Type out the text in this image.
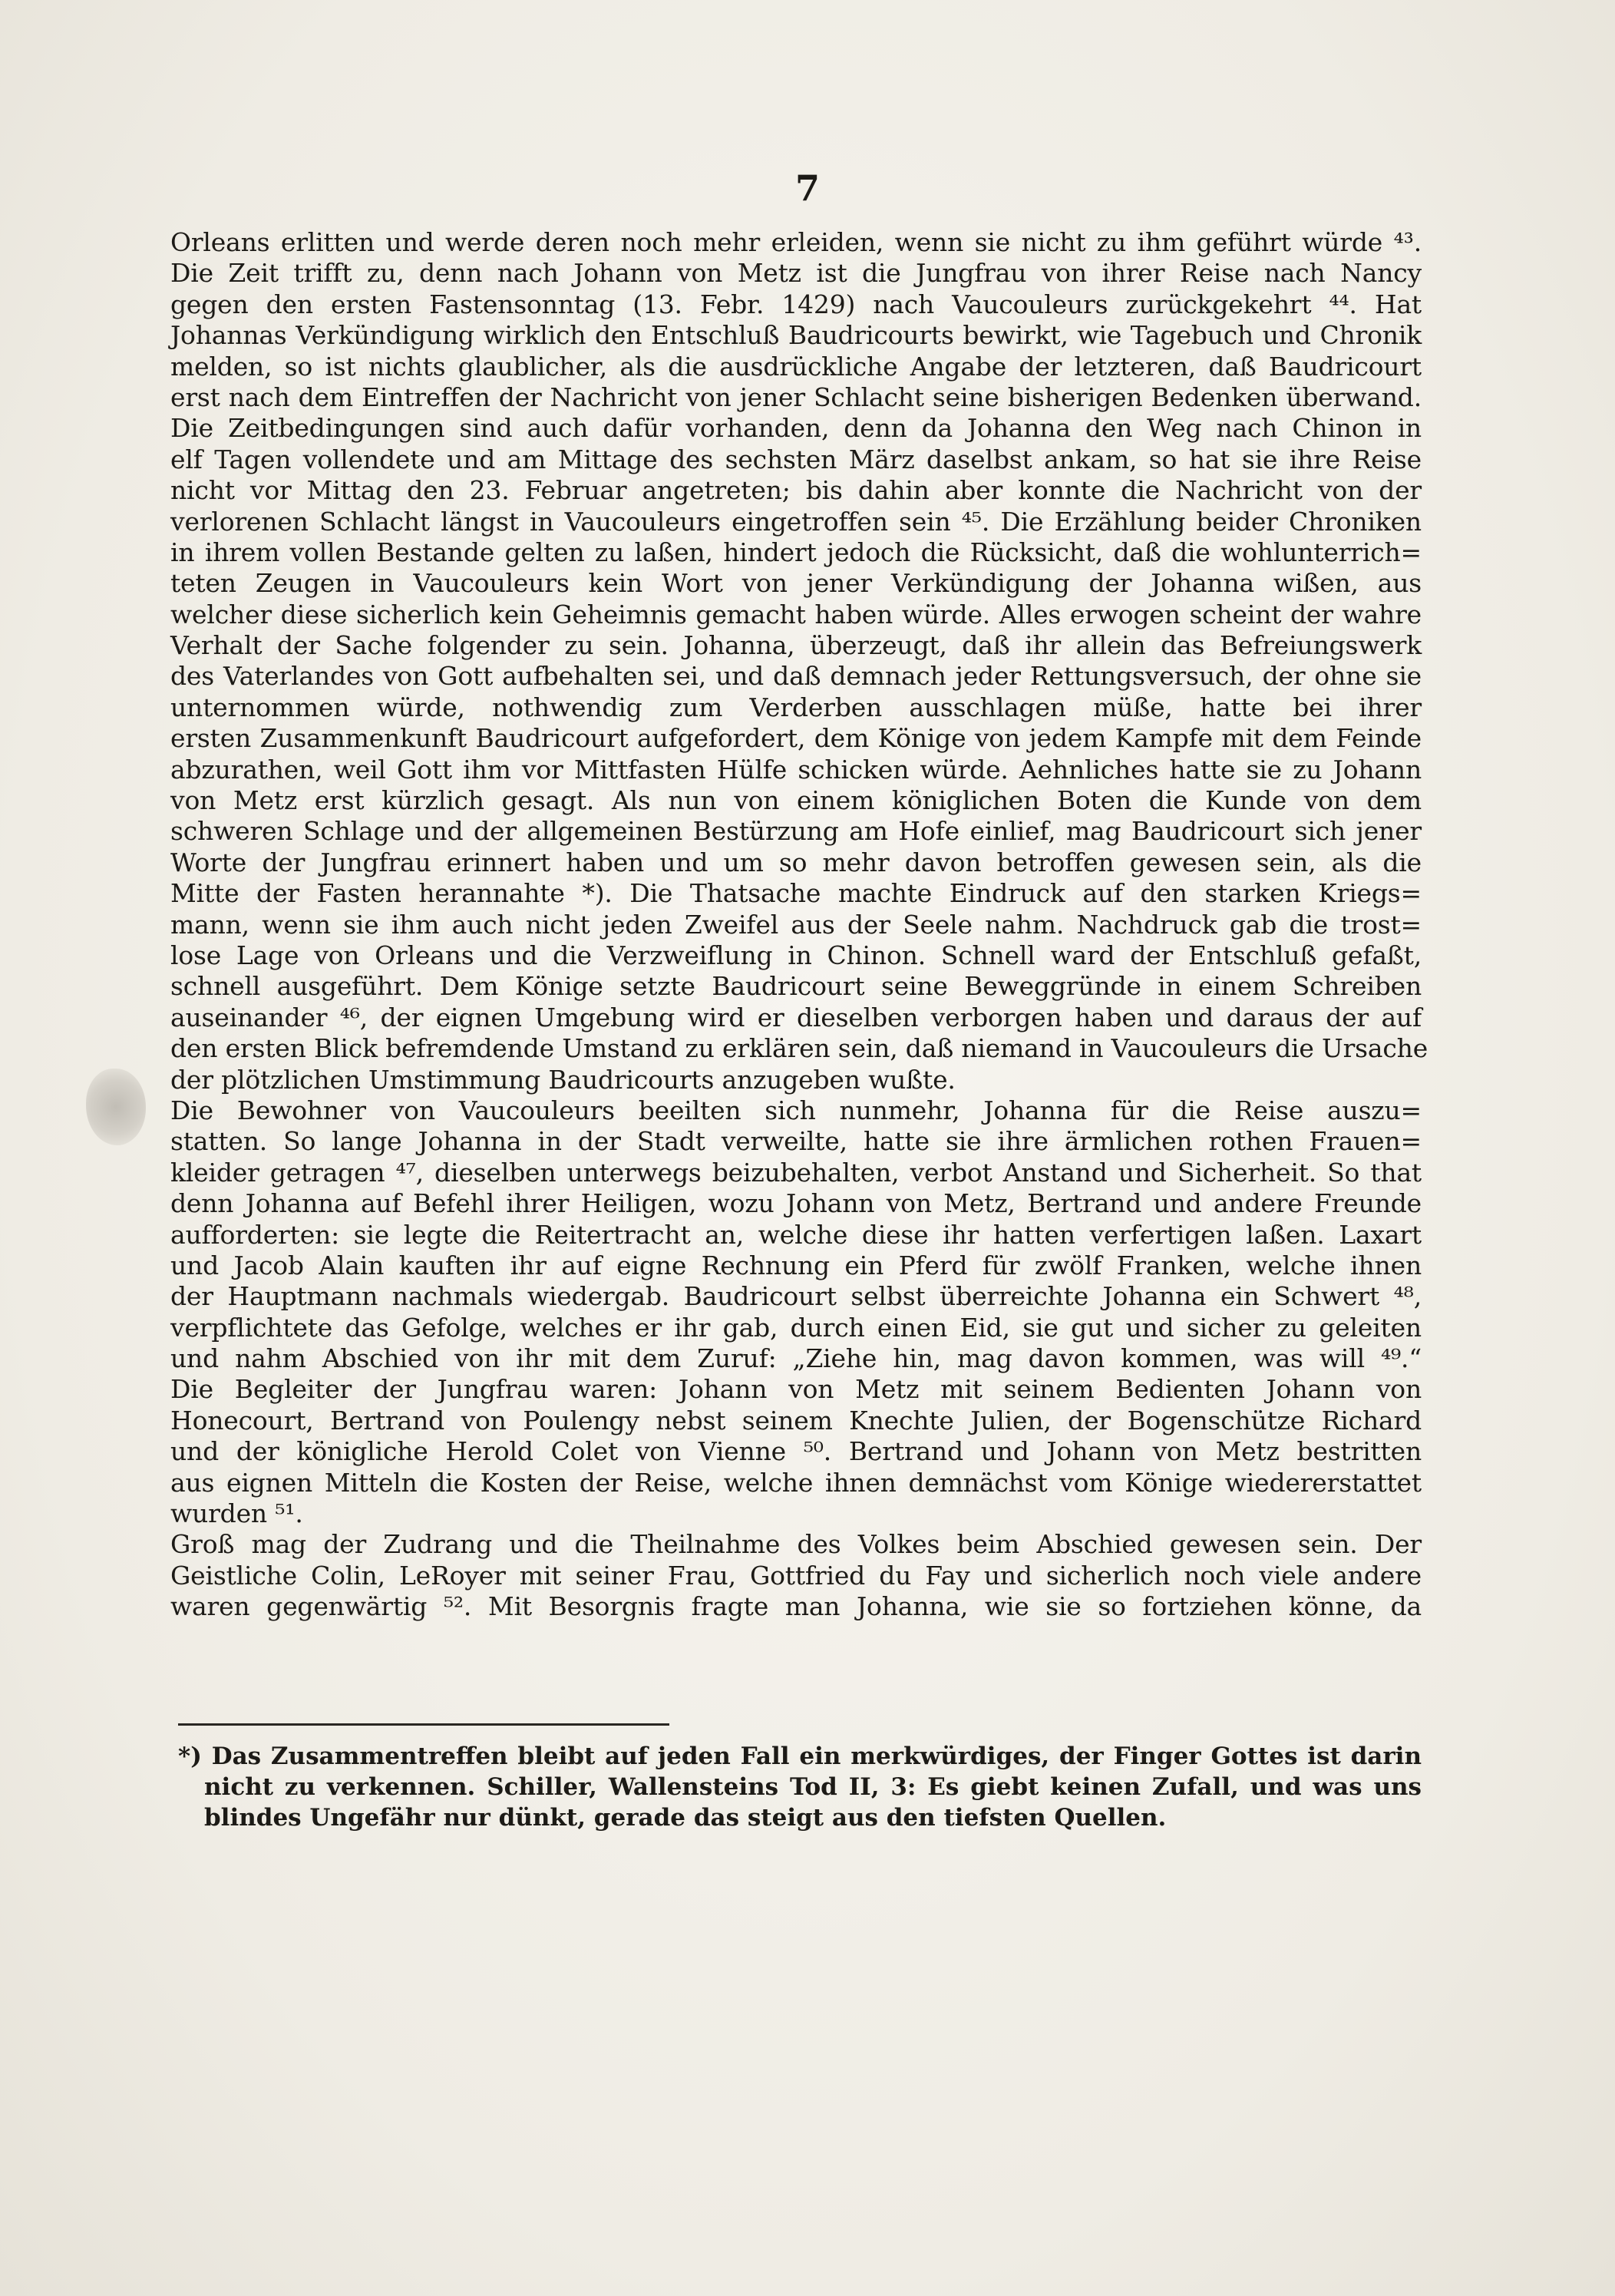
7
Orleans erlitten und werde deren noch mehr erleiden, wenn sie nicht zu ihm geführt würde ⁴³.
Die Zeit trifft zu, denn nach Johann von Metz ist die Jungfrau von ihrer Reise nach Nancy
gegen den ersten Fastensonntag (13. Febr. 1429) nach Vaucouleurs zurückgekehrt ⁴⁴. Hat
Johannas Verkündigung wirklich den Entschluß Baudricourts bewirkt, wie Tagebuch und Chronik
melden, so ist nichts glaublicher, als die ausdrückliche Angabe der letzteren, daß Baudricourt
erst nach dem Eintreffen der Nachricht von jener Schlacht seine bisherigen Bedenken überwand.
Die Zeitbedingungen sind auch dafür vorhanden, denn da Johanna den Weg nach Chinon in
elf Tagen vollendete und am Mittage des sechsten März daselbst ankam, so hat sie ihre Reise
nicht vor Mittag den 23. Februar angetreten; bis dahin aber konnte die Nachricht von der
verlorenen Schlacht längst in Vaucouleurs eingetroffen sein ⁴⁵. Die Erzählung beider Chroniken
in ihrem vollen Bestande gelten zu laßen, hindert jedoch die Rücksicht, daß die wohlunterrich=
teten Zeugen in Vaucouleurs kein Wort von jener Verkündigung der Johanna wißen, aus
welcher diese sicherlich kein Geheimnis gemacht haben würde. Alles erwogen scheint der wahre
Verhalt der Sache folgender zu sein. Johanna, überzeugt, daß ihr allein das Befreiungswerk
des Vaterlandes von Gott aufbehalten sei, und daß demnach jeder Rettungsversuch, der ohne sie
unternommen würde, nothwendig zum Verderben ausschlagen müße, hatte bei ihrer
ersten Zusammenkunft Baudricourt aufgefordert, dem Könige von jedem Kampfe mit dem Feinde
abzurathen, weil Gott ihm vor Mittfasten Hülfe schicken würde. Aehnliches hatte sie zu Johann
von Metz erst kürzlich gesagt. Als nun von einem königlichen Boten die Kunde von dem
schweren Schlage und der allgemeinen Bestürzung am Hofe einlief, mag Baudricourt sich jener
Worte der Jungfrau erinnert haben und um so mehr davon betroffen gewesen sein, als die
Mitte der Fasten herannahte *). Die Thatsache machte Eindruck auf den starken Kriegs=
mann, wenn sie ihm auch nicht jeden Zweifel aus der Seele nahm. Nachdruck gab die trost=
lose Lage von Orleans und die Verzweiflung in Chinon. Schnell ward der Entschluß gefaßt,
schnell ausgeführt. Dem Könige setzte Baudricourt seine Beweggründe in einem Schreiben
auseinander ⁴⁶, der eignen Umgebung wird er dieselben verborgen haben und daraus der auf
den ersten Blick befremdende Umstand zu erklären sein, daß niemand in Vaucouleurs die Ursache
der plötzlichen Umstimmung Baudricourts anzugeben wußte.
Die Bewohner von Vaucouleurs beeilten sich nunmehr, Johanna für die Reise auszu=
statten. So lange Johanna in der Stadt verweilte, hatte sie ihre ärmlichen rothen Frauen=
kleider getragen ⁴⁷, dieselben unterwegs beizubehalten, verbot Anstand und Sicherheit. So that
denn Johanna auf Befehl ihrer Heiligen, wozu Johann von Metz, Bertrand und andere Freunde
aufforderten: sie legte die Reitertracht an, welche diese ihr hatten verfertigen laßen. Laxart
und Jacob Alain kauften ihr auf eigne Rechnung ein Pferd für zwölf Franken, welche ihnen
der Hauptmann nachmals wiedergab. Baudricourt selbst überreichte Johanna ein Schwert ⁴⁸,
verpflichtete das Gefolge, welches er ihr gab, durch einen Eid, sie gut und sicher zu geleiten
und nahm Abschied von ihr mit dem Zuruf: „Ziehe hin, mag davon kommen, was will ⁴⁹.“
Die Begleiter der Jungfrau waren: Johann von Metz mit seinem Bedienten Johann von
Honecourt, Bertrand von Poulengy nebst seinem Knechte Julien, der Bogenschütze Richard
und der königliche Herold Colet von Vienne ⁵⁰. Bertrand und Johann von Metz bestritten
aus eignen Mitteln die Kosten der Reise, welche ihnen demnächst vom Könige wiedererstattet
wurden ⁵¹.
Groß mag der Zudrang und die Theilnahme des Volkes beim Abschied gewesen sein. Der
Geistliche Colin, LeRoyer mit seiner Frau, Gottfried du Fay und sicherlich noch viele andere
waren gegenwärtig ⁵². Mit Besorgnis fragte man Johanna, wie sie so fortziehen könne, da
*) Das Zusammentreffen bleibt auf jeden Fall ein merkwürdiges, der Finger Gottes ist darin
nicht zu verkennen. Schiller, Wallensteins Tod II, 3: Es giebt keinen Zufall, und was uns
blindes Ungefähr nur dünkt, gerade das steigt aus den tiefsten Quellen.
